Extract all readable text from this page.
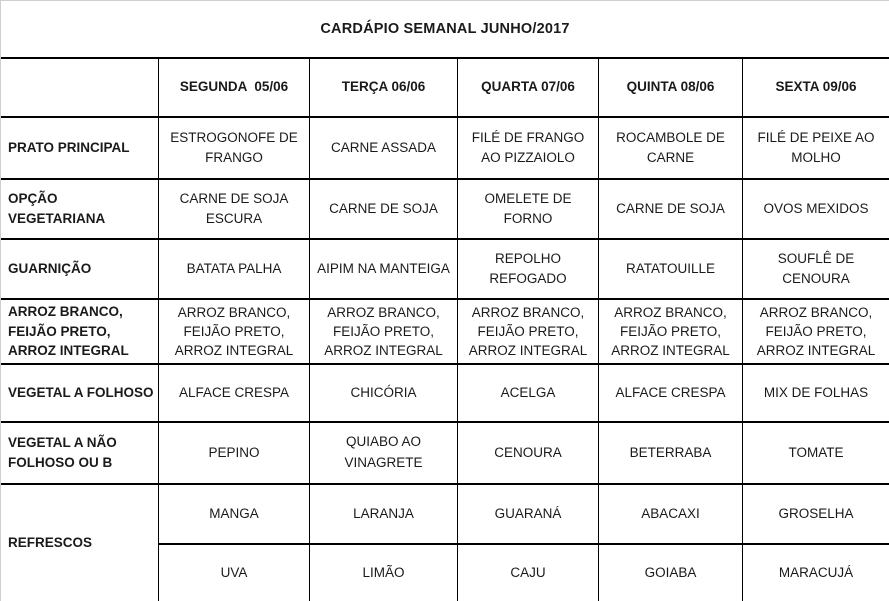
CARDÁPIO SEMANAL JUNHO/2017					
	SEGUNDA  05/06	TERÇA 06/06	QUARTA 07/06	QUINTA 08/06	SEXTA 09/06
PRATO PRINCIPAL	ESTROGONOFE DE FRANGO	CARNE ASSADA	FILÉ DE FRANGO AO PIZZAIOLO	ROCAMBOLE DE CARNE	FILÉ DE PEIXE AO MOLHO
OPÇÃO VEGETARIANA	CARNE DE SOJA ESCURA	CARNE DE SOJA	OMELETE DE FORNO	CARNE DE SOJA	OVOS MEXIDOS
GUARNIÇÃO	BATATA PALHA	AIPIM NA MANTEIGA	REPOLHO REFOGADO	RATATOUILLE	SOUFLÊ DE CENOURA
ARROZ BRANCO, FEIJÃO PRETO, ARROZ INTEGRAL	ARROZ BRANCO, FEIJÃO PRETO, ARROZ INTEGRAL	ARROZ BRANCO, FEIJÃO PRETO, ARROZ INTEGRAL	ARROZ BRANCO, FEIJÃO PRETO, ARROZ INTEGRAL	ARROZ BRANCO, FEIJÃO PRETO, ARROZ INTEGRAL	ARROZ BRANCO, FEIJÃO PRETO, ARROZ INTEGRAL
VEGETAL A FOLHOSO	ALFACE CRESPA	CHICÓRIA	ACELGA	ALFACE CRESPA	MIX DE FOLHAS
VEGETAL A NÃO FOLHOSO OU B	PEPINO	QUIABO AO VINAGRETE	CENOURA	BETERRABA	TOMATE
REFRESCOS	MANGA	LARANJA	GUARANÁ	ABACAXI	GROSELHA
	UVA	LIMÃO	CAJU	GOIABA	MARACUJÁ
